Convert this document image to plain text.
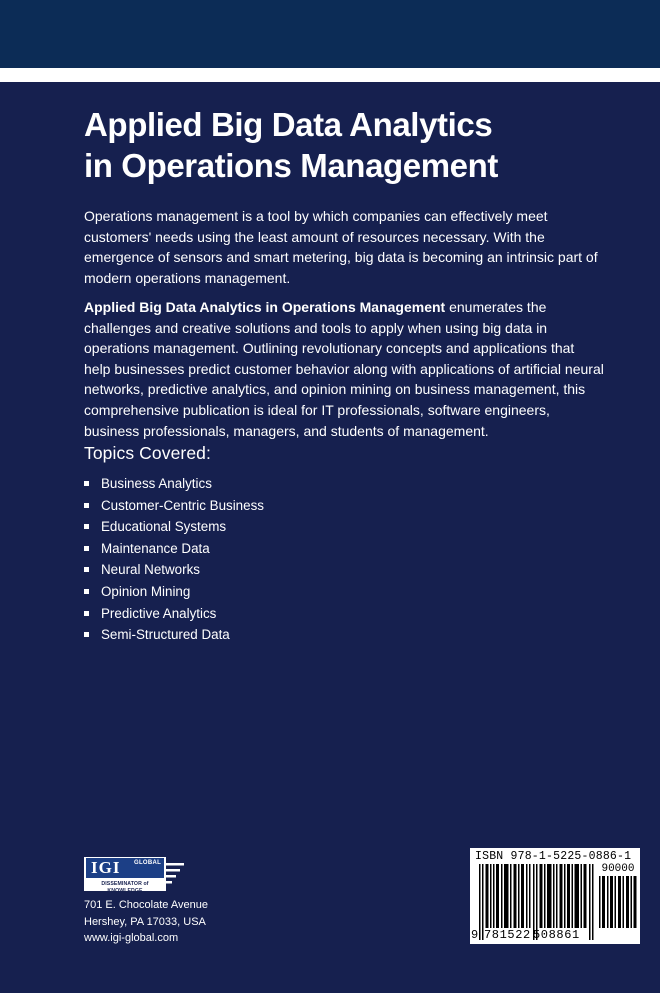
Applied Big Data Analytics
in Operations Management

Operations management is a tool by which companies can effectively meet customers' needs using the least amount of resources necessary. With the emergence of sensors and smart metering, big data is becoming an intrinsic part of modern operations management.

Applied Big Data Analytics in Operations Management enumerates the challenges and creative solutions and tools to apply when using big data in operations management. Outlining revolutionary concepts and applications that help businesses predict customer behavior along with applications of artificial neural networks, predictive analytics, and opinion mining on business management, this comprehensive publication is ideal for IT professionals, software engineers, business professionals, managers, and students of management.

Topics Covered:
Business Analytics
Customer-Centric Business
Educational Systems
Maintenance Data
Neural Networks
Opinion Mining
Predictive Analytics
Semi-Structured Data
IGI	GLOBAL
DISSEMINATOR of KNOWLEDGE
701 E. Chocolate Avenue
Hershey, PA 17033, USA
www.igi-global.com
ISBN 978-1-5225-0886-1
90000
9 781522 508861
